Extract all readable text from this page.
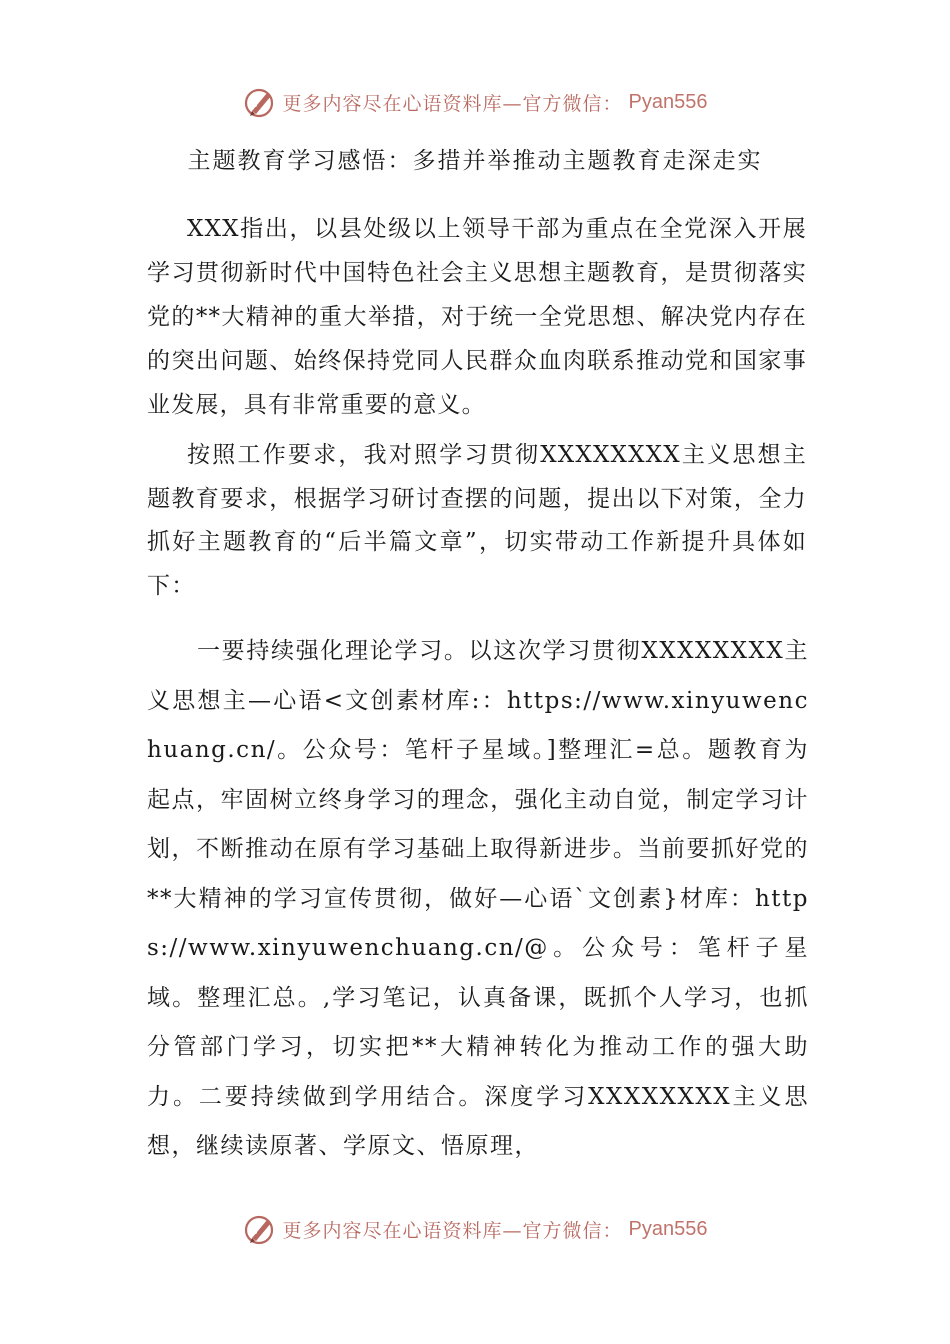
更多内容尽在心语资料库—官方微信： Pyan556
主题教育学习感悟：多措并举推动主题教育走深走实

XXX指出，以县处级以上领导干部为重点在全党深入开展学习贯彻新时代中国特色社会主义思想主题教育，是贯彻落实党的**大精神的重大举措，对于统一全党思想、解决党内存在的突出问题、始终保持党同人民群众血肉联系推动党和国家事业发展，具有非常重要的意义。

按照工作要求，我对照学习贯彻XXXXXXXX主义思想主题教育要求，根据学习研讨查摆的问题，提出以下对策，全力抓好主题教育的“后半篇文章”，切实带动工作新提升具体如下：

一要持续强化理论学习。以这次学习贯彻XXXXXXXX主义思想主—心语<文创素材库:：https://www.xinyuwenchuang.cn/。公众号：笔杆子星域。]整理汇=总。题教育为起点，牢固树立终身学习的理念，强化主动自觉，制定学习计划，不断推动在原有学习基础上取得新进步。当前要抓好党的**大精神的学习宣传贯彻，做好—心语`文创素}材库：https://www.xinyuwenchuang.cn/@。公众号：笔杆子星域。整理汇总。,学习笔记，认真备课，既抓个人学习，也抓分管部门学习，切实把**大精神转化为推动工作的强大助力。二要持续做到学用结合。深度学习XXXXXXXX主义思想，继续读原著、学原文、悟原理，

更多内容尽在心语资料库—官方微信： Pyan556
